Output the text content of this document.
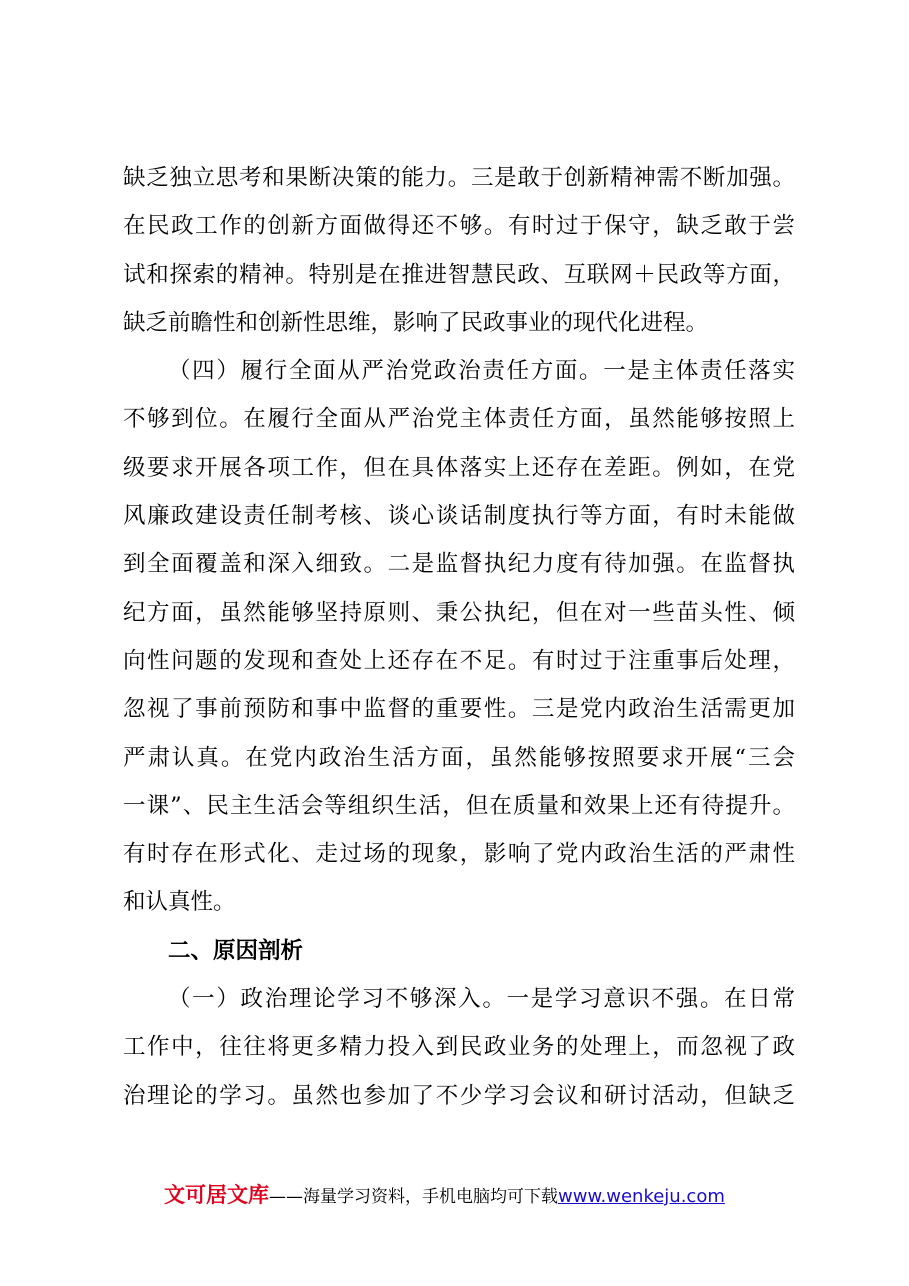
缺乏独立思考和果断决策的能力。三是敢于创新精神需不断加强。
在民政工作的创新方面做得还不够。有时过于保守，缺乏敢于尝
试和探索的精神。特别是在推进智慧民政、互联网＋民政等方面，
缺乏前瞻性和创新性思维，影响了民政事业的现代化进程。
（四）履行全面从严治党政治责任方面。一是主体责任落实
不够到位。在履行全面从严治党主体责任方面，虽然能够按照上
级要求开展各项工作，但在具体落实上还存在差距。例如，在党
风廉政建设责任制考核、谈心谈话制度执行等方面，有时未能做
到全面覆盖和深入细致。二是监督执纪力度有待加强。在监督执
纪方面，虽然能够坚持原则、秉公执纪，但在对一些苗头性、倾
向性问题的发现和查处上还存在不足。有时过于注重事后处理，
忽视了事前预防和事中监督的重要性。三是党内政治生活需更加
严肃认真。在党内政治生活方面，虽然能够按照要求开展“三会
一课”、民主生活会等组织生活，但在质量和效果上还有待提升。
有时存在形式化、走过场的现象，影响了党内政治生活的严肃性
和认真性。
二、原因剖析
（一）政治理论学习不够深入。一是学习意识不强。在日常
工作中，往往将更多精力投入到民政业务的处理上，而忽视了政
治理论的学习。虽然也参加了不少学习会议和研讨活动，但缺乏
文可居文库——海量学习资料，手机电脑均可下载www.wenkeju.com
